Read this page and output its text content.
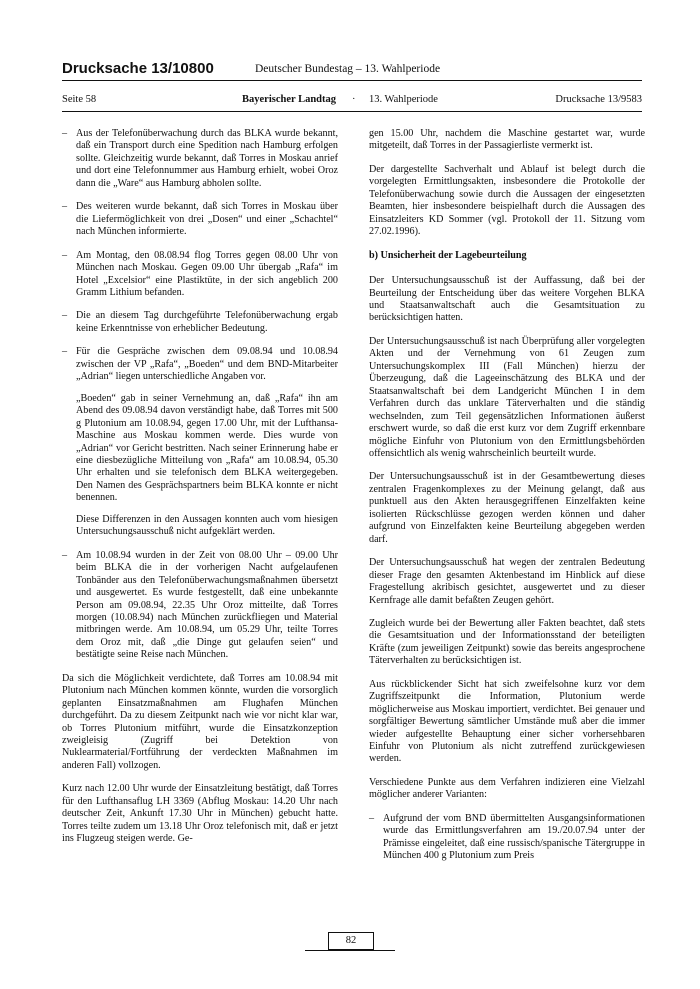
Drucksache 13/10800	Deutscher Bundestag – 13. Wahlperiode
Seite 58	Bayerischer Landtag · 13. Wahlperiode	Drucksache 13/9583
– Aus der Telefonüberwachung durch das BLKA wurde bekannt, daß ein Transport durch eine Spedition nach Hamburg erfolgen sollte. Gleichzeitig wurde bekannt, daß Torres in Moskau anrief und dort eine Telefonnummer aus Hamburg erhielt, wobei Oroz dann die „Ware“ aus Hamburg abholen sollte.

– Des weiteren wurde bekannt, daß sich Torres in Moskau über die Liefermöglichkeit von drei „Dosen“ und einer „Schachtel“ nach München informierte.

– Am Montag, den 08.08.94 flog Torres gegen 08.00 Uhr von München nach Moskau. Gegen 09.00 Uhr übergab „Rafa“ im Hotel „Excelsior“ eine Plastiktüte, in der sich angeblich 200 Gramm Lithium befanden.

– Die an diesem Tag durchgeführte Telefonüberwachung ergab keine Erkenntnisse von erheblicher Bedeutung.

– Für die Gespräche zwischen dem 09.08.94 und 10.08.94 zwischen der VP „Rafa“, „Boeden“ und dem BND-Mitarbeiter „Adrian“ liegen unterschiedliche Angaben vor.

„Boeden“ gab in seiner Vernehmung an, daß „Rafa“ ihn am Abend des 09.08.94 davon verständigt habe, daß Torres mit 500 g Plutonium am 10.08.94, gegen 17.00 Uhr, mit der Lufthansa-Maschine aus Moskau kommen werde. Dies wurde von „Adrian“ vor Gericht bestritten. Nach seiner Erinnerung habe er eine diesbezügliche Mitteilung von „Rafa“ am 10.08.94, 05.30 Uhr erhalten und sie telefonisch dem BLKA weitergegeben. Den Namen des Gesprächspartners beim BLKA konnte er nicht benennen.

Diese Differenzen in den Aussagen konnten auch vom hiesigen Untersuchungsausschuß nicht aufgeklärt werden.

– Am 10.08.94 wurden in der Zeit von 08.00 Uhr – 09.00 Uhr beim BLKA die in der vorherigen Nacht aufgelaufenen Tonbänder aus den Telefonüberwachungsmaßnahmen übersetzt und ausgewertet. Es wurde festgestellt, daß eine unbekannte Person am 09.08.94, 22.35 Uhr Oroz mitteilte, daß Torres morgen (10.08.94) nach München zurückfliegen und Material mitbringen werde. Am 10.08.94, um 05.29 Uhr, teilte Torres dem Oroz mit, daß „die Dinge gut gelaufen seien“ und bestätigte seine Reise nach München.

Da sich die Möglichkeit verdichtete, daß Torres am 10.08.94 mit Plutonium nach München kommen könnte, wurden die vorsorglich geplanten Einsatzmaßnahmen am Flughafen München durchgeführt. Da zu diesem Zeitpunkt nach wie vor nicht klar war, ob Torres Plutonium mitführt, wurde die Einsatzkonzeption zweigleisig (Zugriff bei Detektion von Nuklearmaterial/Fortführung der verdeckten Maßnahmen im anderen Fall) vollzogen.

Kurz nach 12.00 Uhr wurde der Einsatzleitung bestätigt, daß Torres für den Lufthansaflug LH 3369 (Abflug Moskau: 14.20 Uhr nach deutscher Zeit, Ankunft 17.30 Uhr in München) gebucht hatte. Torres teilte zudem um 13.18 Uhr Oroz telefonisch mit, daß er jetzt ins Flugzeug steigen werde. Ge-

gen 15.00 Uhr, nachdem die Maschine gestartet war, wurde mitgeteilt, daß Torres in der Passagierliste vermerkt ist.

Der dargestellte Sachverhalt und Ablauf ist belegt durch die vorgelegten Ermittlungsakten, insbesondere die Protokolle der Telefonüberwachung sowie durch die Aussagen der eingesetzten Beamten, hier insbesondere beispielhaft durch die Aussagen des Einsatzleiters KD Sommer (vgl. Protokoll der 11. Sitzung vom 27.02.1996).

b) Unsicherheit der Lagebeurteilung

Der Untersuchungsausschuß ist der Auffassung, daß bei der Beurteilung der Entscheidung über das weitere Vorgehen BLKA und Staatsanwaltschaft auch die Gesamtsituation zu berücksichtigen hatten.

Der Untersuchungsausschuß ist nach Überprüfung aller vorgelegten Akten und der Vernehmung von 61 Zeugen zum Untersuchungskomplex III (Fall München) hierzu der Überzeugung, daß die Lageeinschätzung des BLKA und der Staatsanwaltschaft bei dem Landgericht München I in dem Verfahren durch das unklare Täterverhalten und die ständig wechselnden, zum Teil gegensätzlichen Informationen äußerst erschwert wurde, so daß die erst kurz vor dem Zugriff erkennbare mögliche Einfuhr von Plutonium von den Ermittlungsbehörden offensichtlich als wenig wahrscheinlich beurteilt wurde.

Der Untersuchungsausschuß ist in der Gesamtbewertung dieses zentralen Fragenkomplexes zu der Meinung gelangt, daß aus punktuell aus den Akten herausgegriffenen Einzelfakten keine isolierten Rückschlüsse gezogen werden können und daher aufgrund von Einzelfakten keine Beurteilung abgegeben werden darf.

Der Untersuchungsausschuß hat wegen der zentralen Bedeutung dieser Frage den gesamten Aktenbestand im Hinblick auf diese Fragestellung akribisch gesichtet, ausgewertet und zu dieser Kernfrage alle damit befaßten Zeugen gehört.

Zugleich wurde bei der Bewertung aller Fakten beachtet, daß stets die Gesamtsituation und der Informationsstand der beteiligten Kräfte (zum jeweiligen Zeitpunkt) sowie das bereits angesprochene Täterverhalten zu berücksichtigen ist.

Aus rückblickender Sicht hat sich zweifelsohne kurz vor dem Zugriffszeitpunkt die Information, Plutonium werde möglicherweise aus Moskau importiert, verdichtet. Bei genauer und sorgfältiger Bewertung sämtlicher Umstände muß aber die immer wieder aufgestellte Behauptung einer sicher vorhersehbaren Einfuhr von Plutonium als nicht zutreffend zurückgewiesen werden.

Verschiedene Punkte aus dem Verfahren indizieren eine Vielzahl möglicher anderer Varianten:

– Aufgrund der vom BND übermittelten Ausgangsinformationen wurde das Ermittlungsverfahren am 19./20.07.94 unter der Prämisse eingeleitet, daß eine russisch/spanische Tätergruppe in München 400 g Plutonium zum Preis

82
